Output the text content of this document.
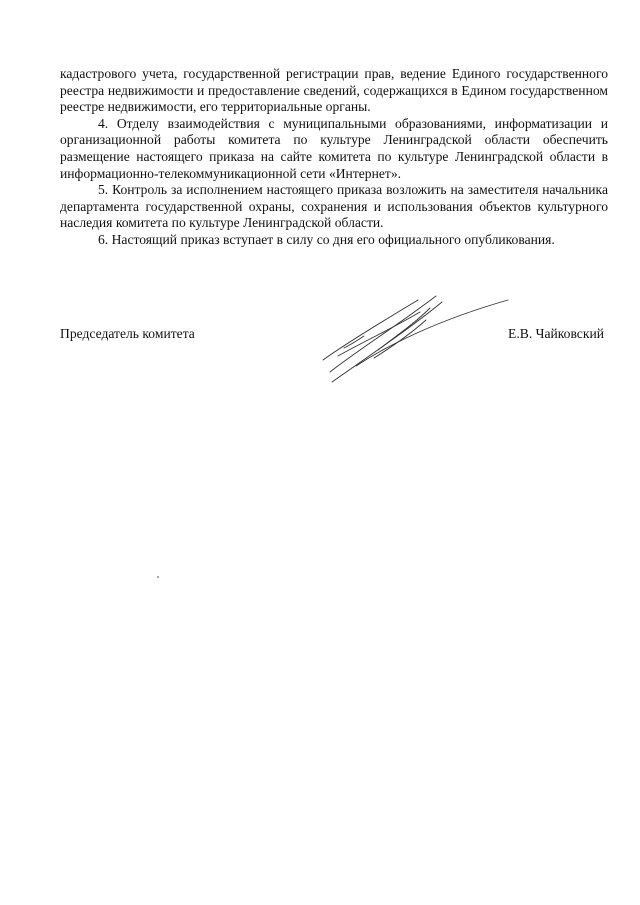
кадастрового учета, государственной регистрации прав, ведение Единого государственного реестра недвижимости и предоставление сведений, содержащихся в Едином государственном реестре недвижимости, его территориальные органы.

4. Отделу взаимодействия с муниципальными образованиями, информатизации и организационной работы комитета по культуре Ленинградской области обеспечить размещение настоящего приказа на сайте комитета по культуре Ленинградской области в информационно-телекоммуникационной сети «Интернет».

5. Контроль за исполнением настоящего приказа возложить на заместителя начальника департамента государственной охраны, сохранения и использования объектов культурного наследия комитета по культуре Ленинградской области.

6. Настоящий приказ вступает в силу со дня его официального опубликования.

Председатель комитета	Е.В. Чайковский
